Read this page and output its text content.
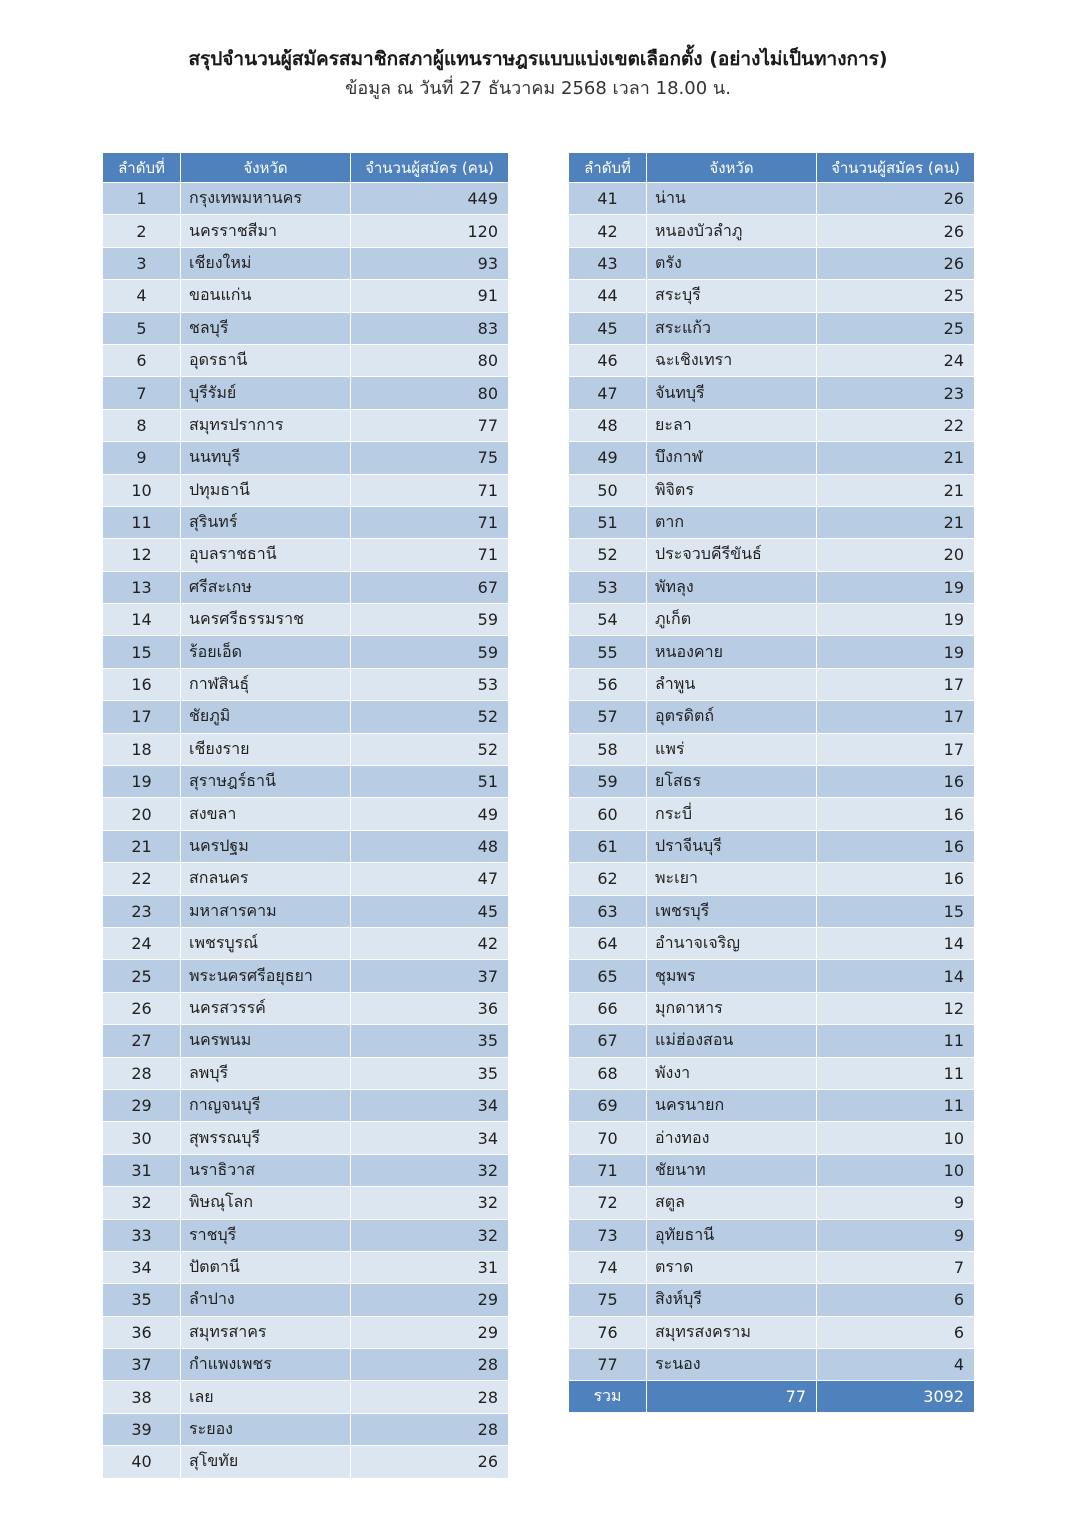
สรุปจำนวนผู้สมัครสมาชิกสภาผู้แทนราษฎรแบบแบ่งเขตเลือกตั้ง (อย่างไม่เป็นทางการ)
ข้อมูล ณ วันที่ 27 ธันวาคม 2568 เวลา 18.00 น.
ลำดับที่	จังหวัด	จำนวนผู้สมัคร (คน)
1	กรุงเทพมหานคร	449
2	นครราชสีมา	120
3	เชียงใหม่	93
4	ขอนแก่น	91
5	ชลบุรี	83
6	อุดรธานี	80
7	บุรีรัมย์	80
8	สมุทรปราการ	77
9	นนทบุรี	75
10	ปทุมธานี	71
11	สุรินทร์	71
12	อุบลราชธานี	71
13	ศรีสะเกษ	67
14	นครศรีธรรมราช	59
15	ร้อยเอ็ด	59
16	กาฬสินธุ์	53
17	ชัยภูมิ	52
18	เชียงราย	52
19	สุราษฎร์ธานี	51
20	สงขลา	49
21	นครปฐม	48
22	สกลนคร	47
23	มหาสารคาม	45
24	เพชรบูรณ์	42
25	พระนครศรีอยุธยา	37
26	นครสวรรค์	36
27	นครพนม	35
28	ลพบุรี	35
29	กาญจนบุรี	34
30	สุพรรณบุรี	34
31	นราธิวาส	32
32	พิษณุโลก	32
33	ราชบุรี	32
34	ปัตตานี	31
35	ลำปาง	29
36	สมุทรสาคร	29
37	กำแพงเพชร	28
38	เลย	28
39	ระยอง	28
40	สุโขทัย	26
ลำดับที่	จังหวัด	จำนวนผู้สมัคร (คน)
41	น่าน	26
42	หนองบัวลำภู	26
43	ตรัง	26
44	สระบุรี	25
45	สระแก้ว	25
46	ฉะเชิงเทรา	24
47	จันทบุรี	23
48	ยะลา	22
49	บึงกาฬ	21
50	พิจิตร	21
51	ตาก	21
52	ประจวบคีรีขันธ์	20
53	พัทลุง	19
54	ภูเก็ต	19
55	หนองคาย	19
56	ลำพูน	17
57	อุตรดิตถ์	17
58	แพร่	17
59	ยโสธร	16
60	กระบี่	16
61	ปราจีนบุรี	16
62	พะเยา	16
63	เพชรบุรี	15
64	อำนาจเจริญ	14
65	ชุมพร	14
66	มุกดาหาร	12
67	แม่ฮ่องสอน	11
68	พังงา	11
69	นครนายก	11
70	อ่างทอง	10
71	ชัยนาท	10
72	สตูล	9
73	อุทัยธานี	9
74	ตราด	7
75	สิงห์บุรี	6
76	สมุทรสงคราม	6
77	ระนอง	4
รวม	77	3092
